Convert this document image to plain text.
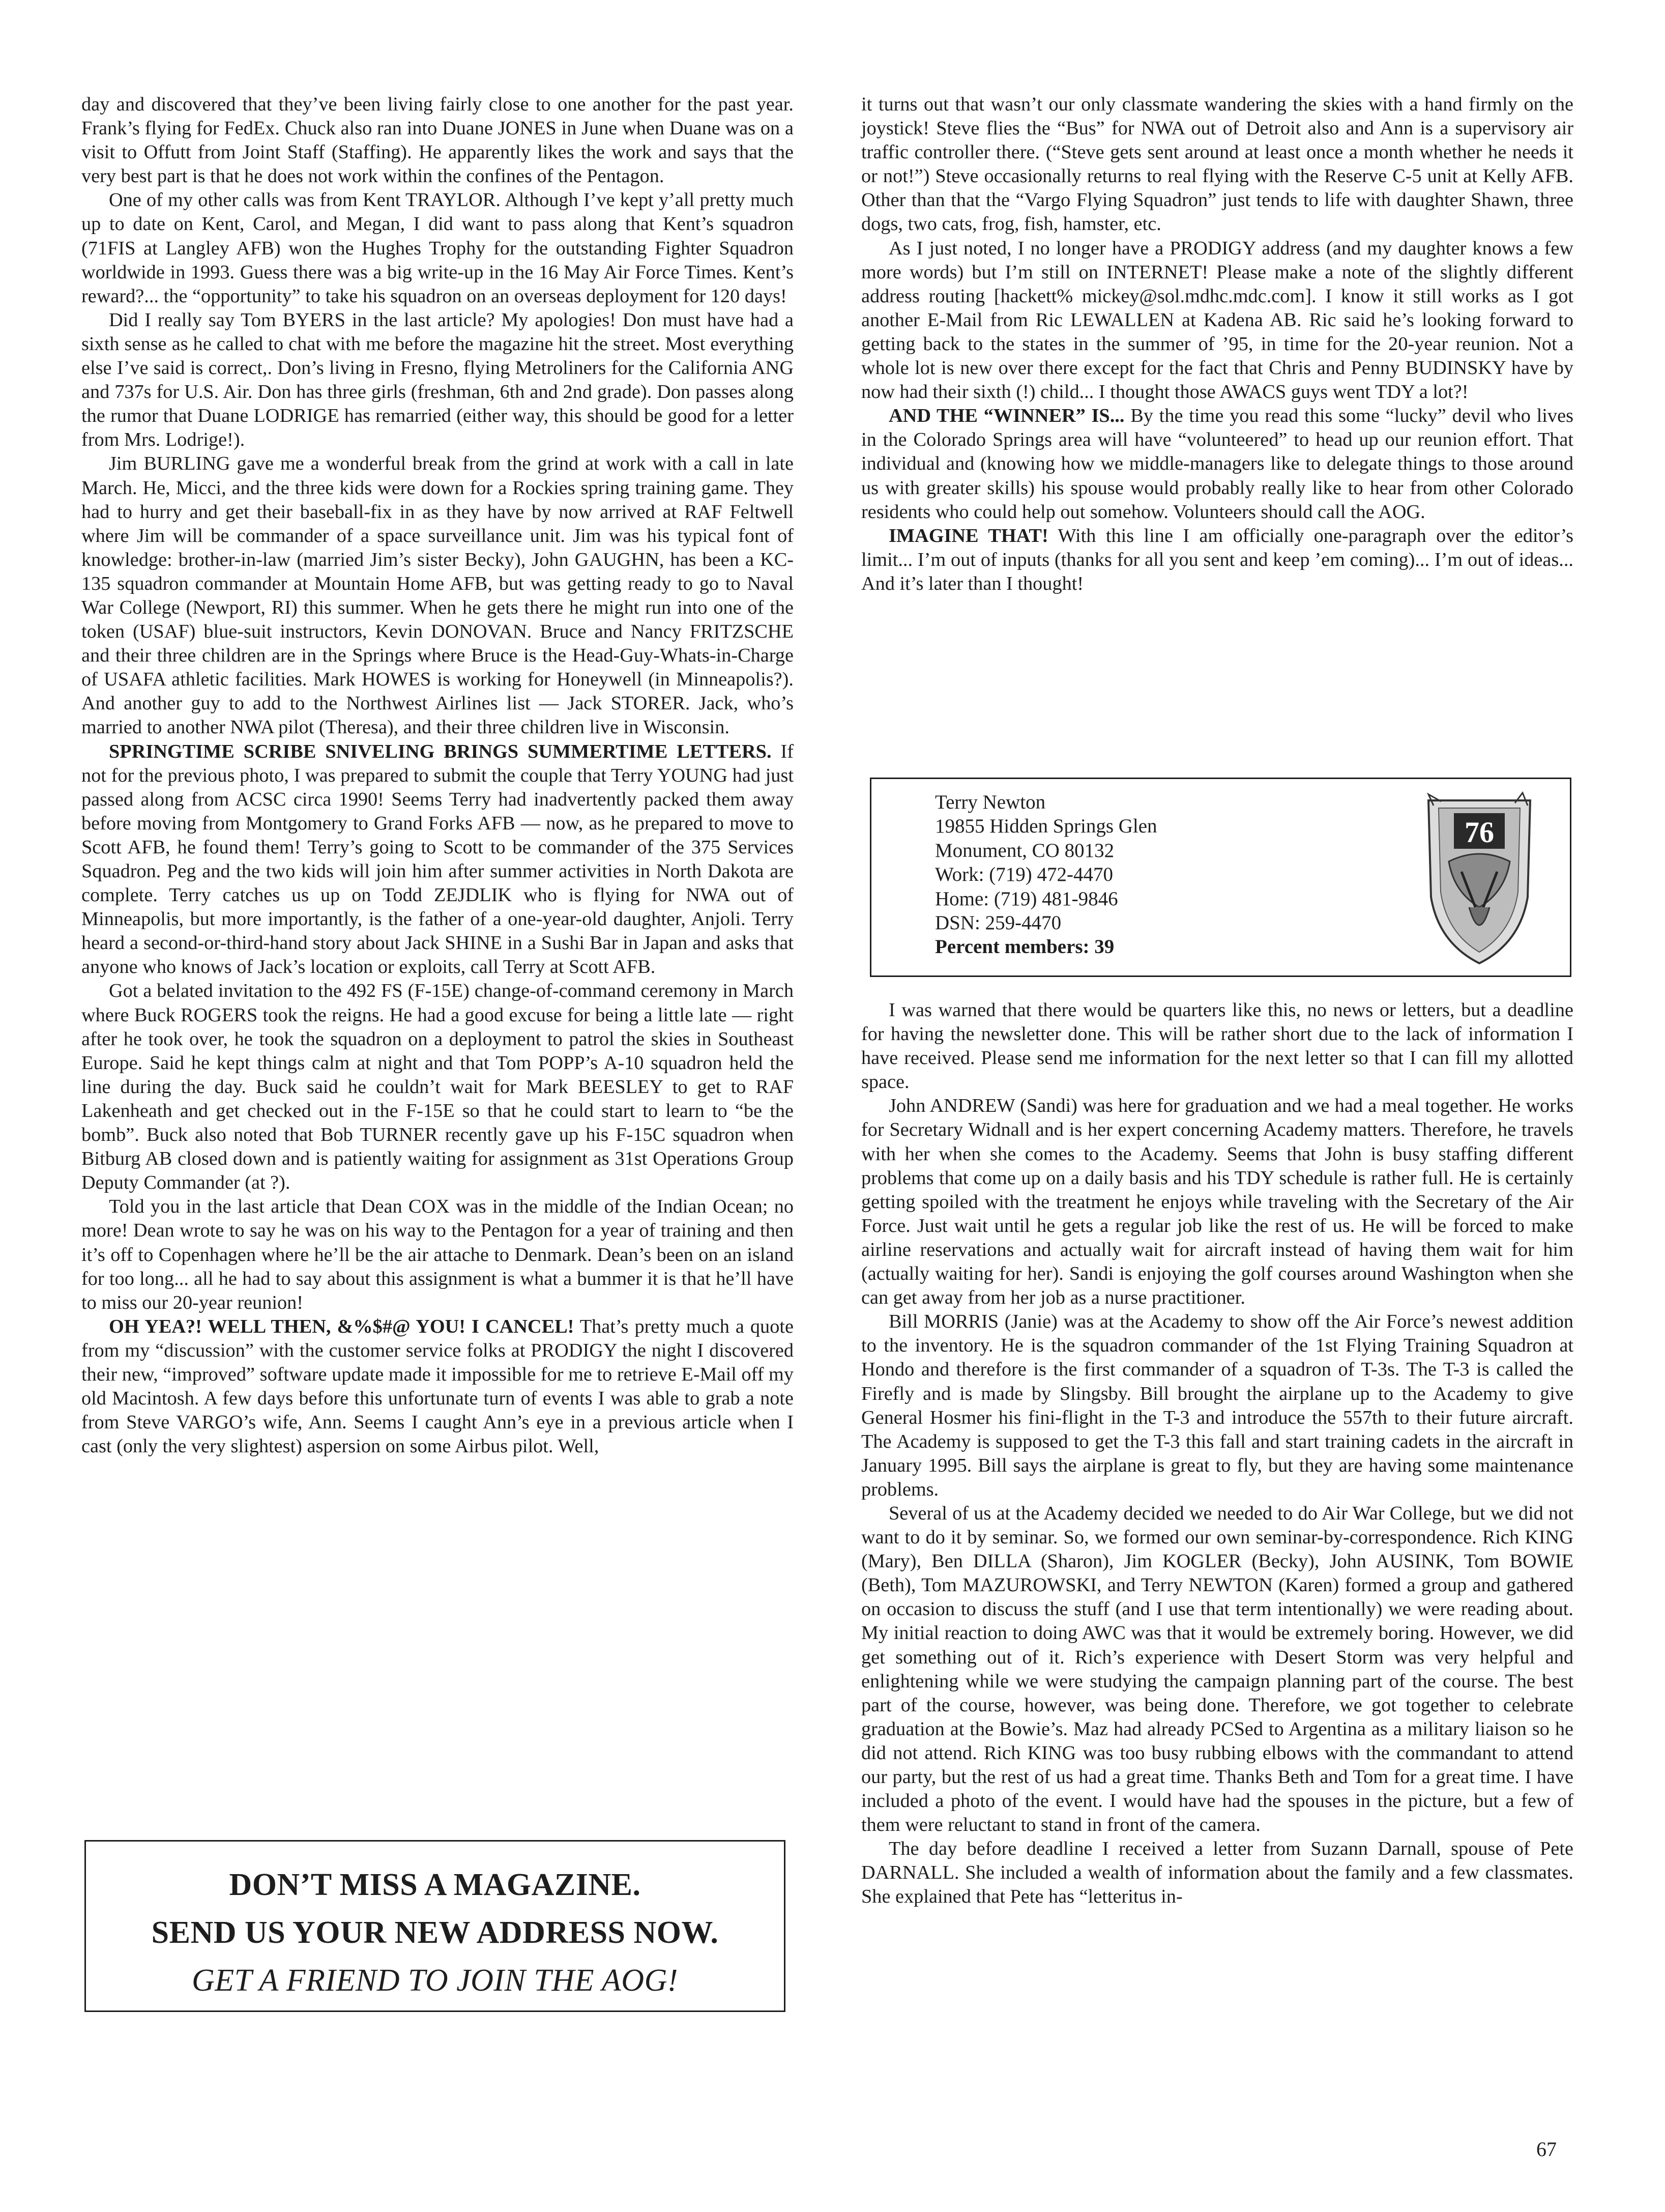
day and discovered that they’ve been living fairly close to one another for the past year. Frank’s flying for FedEx. Chuck also ran into Duane JONES in June when Duane was on a visit to Offutt from Joint Staff (Staffing). He apparently likes the work and says that the very best part is that he does not work within the confines of the Pentagon.

One of my other calls was from Kent TRAYLOR. Although I’ve kept y’all pretty much up to date on Kent, Carol, and Megan, I did want to pass along that Kent’s squadron (71FIS at Langley AFB) won the Hughes Trophy for the outstanding Fighter Squadron worldwide in 1993. Guess there was a big write-up in the 16 May Air Force Times. Kent’s reward?... the “opportunity” to take his squadron on an overseas deployment for 120 days!

Did I really say Tom BYERS in the last article? My apologies! Don must have had a sixth sense as he called to chat with me before the magazine hit the street. Most everything else I’ve said is correct,. Don’s living in Fresno, flying Metroliners for the California ANG and 737s for U.S. Air. Don has three girls (freshman, 6th and 2nd grade). Don passes along the rumor that Duane LODRIGE has remarried (either way, this should be good for a letter from Mrs. Lodrige!).

Jim BURLING gave me a wonderful break from the grind at work with a call in late March. He, Micci, and the three kids were down for a Rockies spring training game. They had to hurry and get their baseball-fix in as they have by now arrived at RAF Feltwell where Jim will be commander of a space surveillance unit. Jim was his typical font of knowledge: brother-in-law (married Jim’s sister Becky), John GAUGHN, has been a KC-135 squadron commander at Mountain Home AFB, but was getting ready to go to Naval War College (Newport, RI) this summer. When he gets there he might run into one of the token (USAF) blue-suit instructors, Kevin DONOVAN. Bruce and Nancy FRITZSCHE and their three children are in the Springs where Bruce is the Head-Guy-Whats-in-Charge of USAFA athletic facilities. Mark HOWES is working for Honeywell (in Minneapolis?). And another guy to add to the Northwest Airlines list — Jack STORER. Jack, who’s married to another NWA pilot (Theresa), and their three children live in Wisconsin.

SPRINGTIME SCRIBE SNIVELING BRINGS SUMMERTIME LETTERS. If not for the previous photo, I was prepared to submit the couple that Terry YOUNG had just passed along from ACSC circa 1990! Seems Terry had inadvertently packed them away before moving from Montgomery to Grand Forks AFB — now, as he prepared to move to Scott AFB, he found them! Terry’s going to Scott to be commander of the 375 Services Squadron. Peg and the two kids will join him after summer activities in North Dakota are complete. Terry catches us up on Todd ZEJDLIK who is flying for NWA out of Minneapolis, but more importantly, is the father of a one-year-old daughter, Anjoli. Terry heard a second-or-third-hand story about Jack SHINE in a Sushi Bar in Japan and asks that anyone who knows of Jack’s location or exploits, call Terry at Scott AFB.

Got a belated invitation to the 492 FS (F-15E) change-of-command ceremony in March where Buck ROGERS took the reigns. He had a good excuse for being a little late — right after he took over, he took the squadron on a deployment to patrol the skies in Southeast Europe. Said he kept things calm at night and that Tom POPP’s A-10 squadron held the line during the day. Buck said he couldn’t wait for Mark BEESLEY to get to RAF Lakenheath and get checked out in the F-15E so that he could start to learn to “be the bomb”. Buck also noted that Bob TURNER recently gave up his F-15C squadron when Bitburg AB closed down and is patiently waiting for assignment as 31st Operations Group Deputy Commander (at ?).

Told you in the last article that Dean COX was in the middle of the Indian Ocean; no more! Dean wrote to say he was on his way to the Pentagon for a year of training and then it’s off to Copenhagen where he’ll be the air attache to Denmark. Dean’s been on an island for too long... all he had to say about this assignment is what a bummer it is that he’ll have to miss our 20-year reunion!

OH YEA?! WELL THEN, &%$#@ YOU! I CANCEL! That’s pretty much a quote from my “discussion” with the customer service folks at PRODIGY the night I discovered their new, “improved” software update made it impossible for me to retrieve E-Mail off my old Macintosh. A few days before this unfortunate turn of events I was able to grab a note from Steve VARGO’s wife, Ann. Seems I caught Ann’s eye in a previous article when I cast (only the very slightest) aspersion on some Airbus pilot. Well,

DON’T MISS A MAGAZINE.
SEND US YOUR NEW ADDRESS NOW.
GET A FRIEND TO JOIN THE AOG!

it turns out that wasn’t our only classmate wandering the skies with a hand firmly on the joystick! Steve flies the “Bus” for NWA out of Detroit also and Ann is a supervisory air traffic controller there. (“Steve gets sent around at least once a month whether he needs it or not!”) Steve occasionally returns to real flying with the Reserve C-5 unit at Kelly AFB. Other than that the “Vargo Flying Squadron” just tends to life with daughter Shawn, three dogs, two cats, frog, fish, hamster, etc.

As I just noted, I no longer have a PRODIGY address (and my daughter knows a few more words) but I’m still on INTERNET! Please make a note of the slightly different address routing [hackett% mickey@sol.mdhc.mdc.com]. I know it still works as I got another E-Mail from Ric LEWALLEN at Kadena AB. Ric said he’s looking forward to getting back to the states in the summer of ’95, in time for the 20-year reunion. Not a whole lot is new over there except for the fact that Chris and Penny BUDINSKY have by now had their sixth (!) child... I thought those AWACS guys went TDY a lot?!

AND THE “WINNER” IS... By the time you read this some “lucky” devil who lives in the Colorado Springs area will have “volunteered” to head up our reunion effort. That individual and (knowing how we middle-managers like to delegate things to those around us with greater skills) his spouse would probably really like to hear from other Colorado residents who could help out somehow. Volunteers should call the AOG.

IMAGINE THAT! With this line I am officially one-paragraph over the editor’s limit... I’m out of inputs (thanks for all you sent and keep ’em coming)... I’m out of ideas... And it’s later than I thought!

I was warned that there would be quarters like this, no news or letters, but a deadline for having the newsletter done. This will be rather short due to the lack of information I have received. Please send me information for the next letter so that I can fill my allotted space.

John ANDREW (Sandi) was here for graduation and we had a meal together. He works for Secretary Widnall and is her expert concerning Academy matters. Therefore, he travels with her when she comes to the Academy. Seems that John is busy staffing different problems that come up on a daily basis and his TDY schedule is rather full. He is certainly getting spoiled with the treatment he enjoys while traveling with the Secretary of the Air Force. Just wait until he gets a regular job like the rest of us. He will be forced to make airline reservations and actually wait for aircraft instead of having them wait for him (actually waiting for her). Sandi is enjoying the golf courses around Washington when she can get away from her job as a nurse practitioner.

Bill MORRIS (Janie) was at the Academy to show off the Air Force’s newest addition to the inventory. He is the squadron commander of the 1st Flying Training Squadron at Hondo and therefore is the first commander of a squadron of T-3s. The T-3 is called the Firefly and is made by Slingsby. Bill brought the airplane up to the Academy to give General Hosmer his fini-flight in the T-3 and introduce the 557th to their future aircraft. The Academy is supposed to get the T-3 this fall and start training cadets in the aircraft in January 1995. Bill says the airplane is great to fly, but they are having some maintenance problems.

Several of us at the Academy decided we needed to do Air War College, but we did not want to do it by seminar. So, we formed our own seminar-by-correspondence. Rich KING (Mary), Ben DILLA (Sharon), Jim KOGLER (Becky), John AUSINK, Tom BOWIE (Beth), Tom MAZUROWSKI, and Terry NEWTON (Karen) formed a group and gathered on occasion to discuss the stuff (and I use that term intentionally) we were reading about. My initial reaction to doing AWC was that it would be extremely boring. However, we did get something out of it. Rich’s experience with Desert Storm was very helpful and enlightening while we were studying the campaign planning part of the course. The best part of the course, however, was being done. Therefore, we got together to celebrate graduation at the Bowie’s. Maz had already PCSed to Argentina as a military liaison so he did not attend. Rich KING was too busy rubbing elbows with the commandant to attend our party, but the rest of us had a great time. Thanks Beth and Tom for a great time. I have included a photo of the event. I would have had the spouses in the picture, but a few of them were reluctant to stand in front of the camera.

The day before deadline I received a letter from Suzann Darnall, spouse of Pete DARNALL. She included a wealth of information about the family and a few classmates. She explained that Pete has “letteritus in-

Terry Newton
19855 Hidden Springs Glen
Monument, CO 80132
Work: (719) 472-4470
Home: (719) 481-9846
DSN: 259-4470
Percent members: 39
76
67
